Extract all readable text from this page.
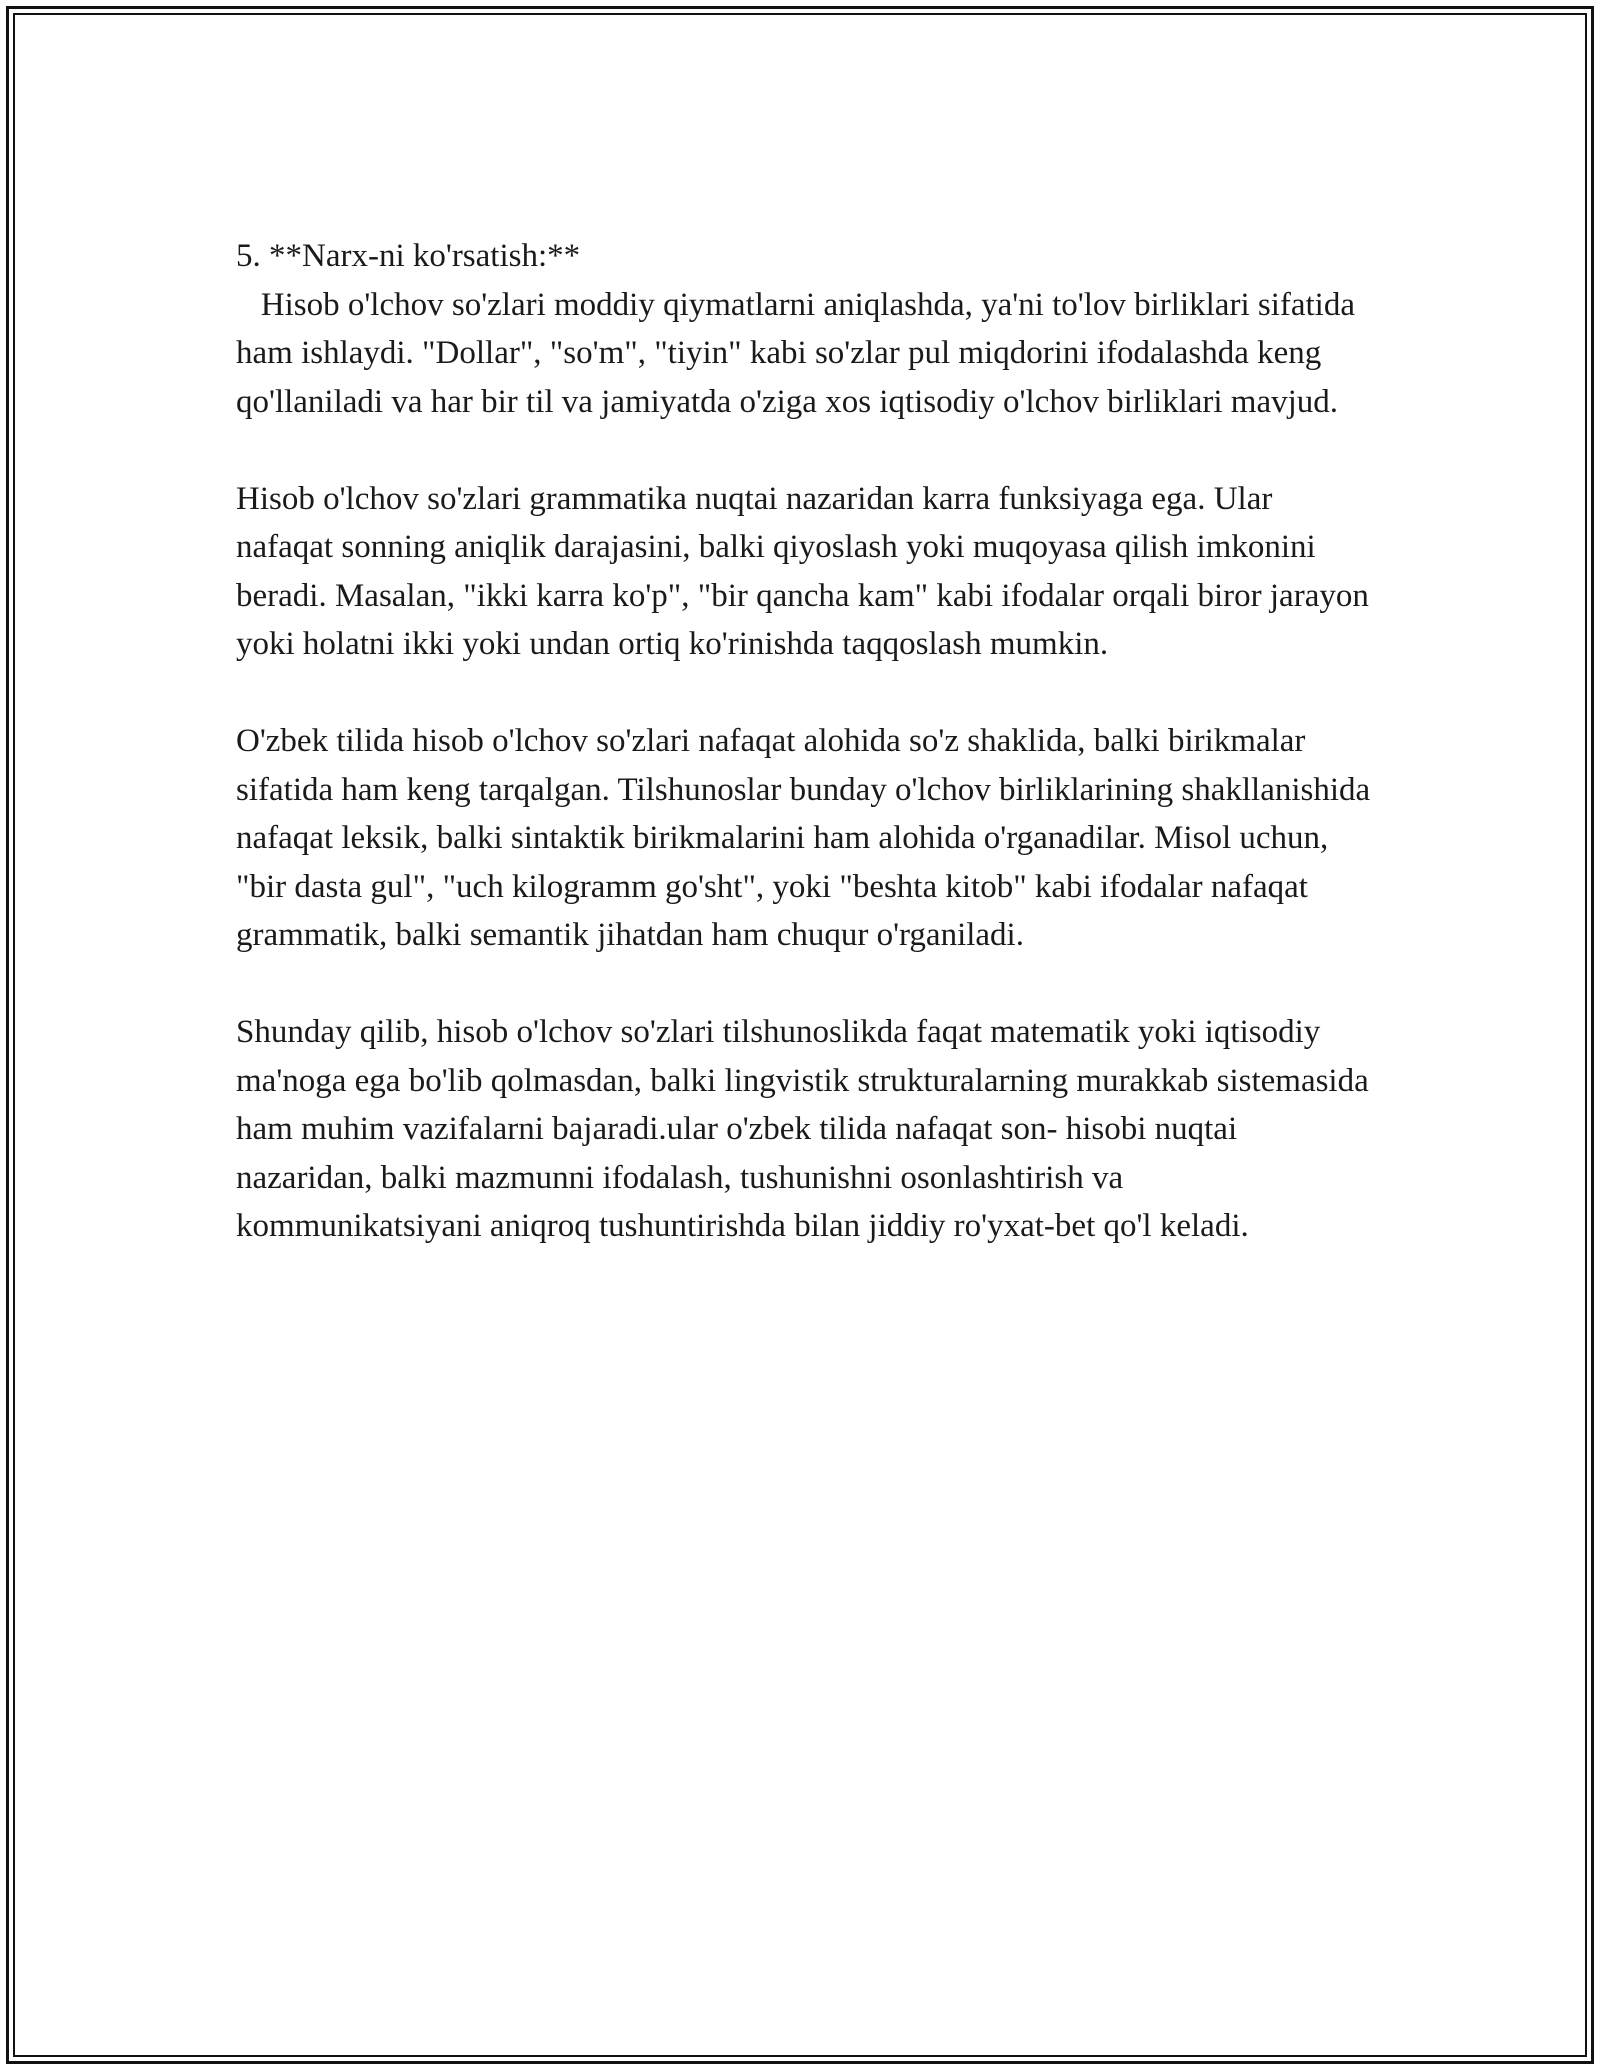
5. **Narx-ni ko'rsatish:**
Hisob o'lchov so'zlari moddiy qiymatlarni aniqlashda, ya'ni to'lov birliklari sifatida ham ishlaydi. "Dollar", "so'm", "tiyin" kabi so'zlar pul miqdorini ifodalashda keng qo'llaniladi va har bir til va jamiyatda o'ziga xos iqtisodiy o'lchov birliklari mavjud.

Hisob o'lchov so'zlari grammatika nuqtai nazaridan karra funksiyaga ega. Ular nafaqat sonning aniqlik darajasini, balki qiyoslash yoki muqoyasa qilish imkonini beradi. Masalan, "ikki karra ko'p", "bir qancha kam" kabi ifodalar orqali biror jarayon yoki holatni ikki yoki undan ortiq ko'rinishda taqqoslash mumkin.

O'zbek tilida hisob o'lchov so'zlari nafaqat alohida so'z shaklida, balki birikmalar sifatida ham keng tarqalgan. Tilshunoslar bunday o'lchov birliklarining shakllanishida nafaqat leksik, balki sintaktik birikmalarini ham alohida o'rganadilar. Misol uchun, "bir dasta gul", "uch kilogramm go'sht", yoki "beshta kitob" kabi ifodalar nafaqat grammatik, balki semantik jihatdan ham chuqur o'rganiladi.

Shunday qilib, hisob o'lchov so'zlari tilshunoslikda faqat matematik yoki iqtisodiy ma'noga ega bo'lib qolmasdan, balki lingvistik strukturalarning murakkab sistemasida ham muhim vazifalarni bajaradi.ular o'zbek tilida nafaqat son- hisobi nuqtai nazaridan, balki mazmunni ifodalash, tushunishni osonlashtirish va kommunikatsiyani aniqroq tushuntirishda bilan jiddiy ro'yxat-bet qo'l keladi.
